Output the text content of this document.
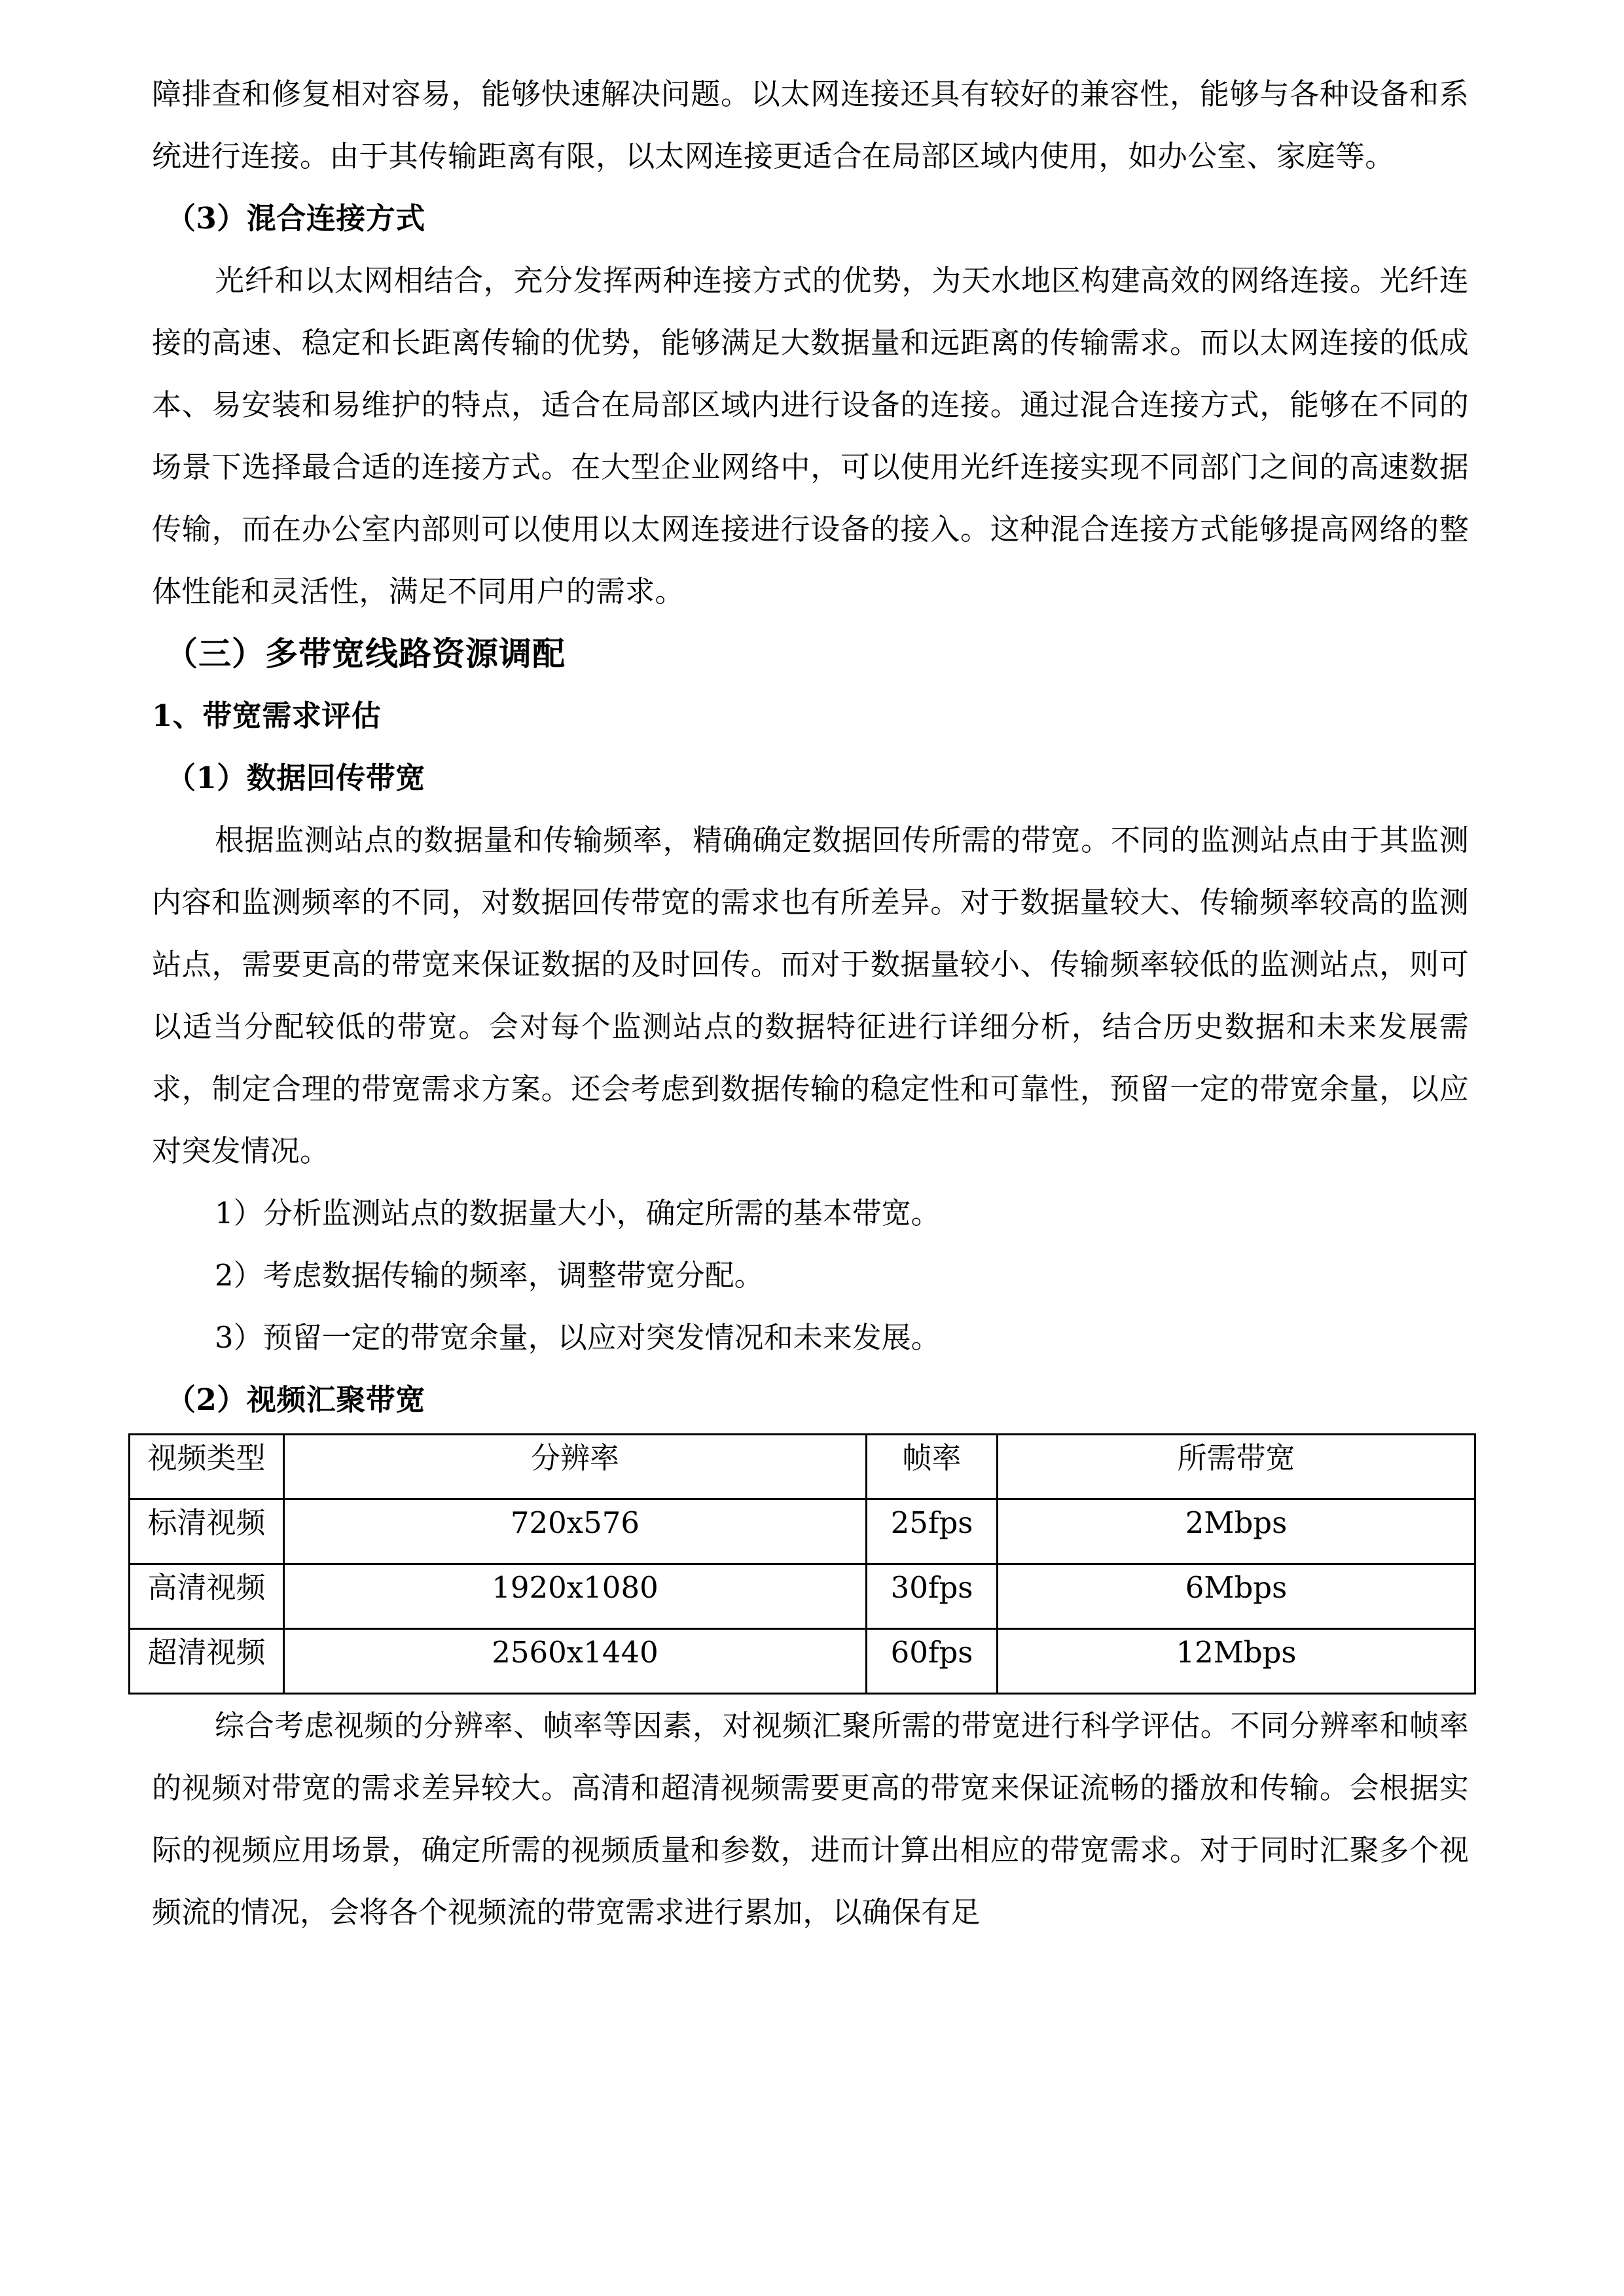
障排查和修复相对容易，能够快速解决问题。以太网连接还具有较好的兼容性，能够与各种设备和系统进行连接。由于其传输距离有限，以太网连接更适合在局部区域内使用，如办公室、家庭等。

（3）混合连接方式

光纤和以太网相结合，充分发挥两种连接方式的优势，为天水地区构建高效的网络连接。光纤连接的高速、稳定和长距离传输的优势，能够满足大数据量和远距离的传输需求。而以太网连接的低成本、易安装和易维护的特点，适合在局部区域内进行设备的连接。通过混合连接方式，能够在不同的场景下选择最合适的连接方式。在大型企业网络中，可以使用光纤连接实现不同部门之间的高速数据传输，而在办公室内部则可以使用以太网连接进行设备的接入。这种混合连接方式能够提高网络的整体性能和灵活性，满足不同用户的需求。

（三）多带宽线路资源调配

1、带宽需求评估

（1）数据回传带宽

根据监测站点的数据量和传输频率，精确确定数据回传所需的带宽。不同的监测站点由于其监测内容和监测频率的不同，对数据回传带宽的需求也有所差异。对于数据量较大、传输频率较高的监测站点，需要更高的带宽来保证数据的及时回传。而对于数据量较小、传输频率较低的监测站点，则可以适当分配较低的带宽。会对每个监测站点的数据特征进行详细分析，结合历史数据和未来发展需求，制定合理的带宽需求方案。还会考虑到数据传输的稳定性和可靠性，预留一定的带宽余量，以应对突发情况。

1）分析监测站点的数据量大小，确定所需的基本带宽。

2）考虑数据传输的频率，调整带宽分配。

3）预留一定的带宽余量，以应对突发情况和未来发展。

（2）视频汇聚带宽

视频类型	分辨率	帧率	所需带宽

标清视频	720x576	25fps	2Mbps

高清视频	1920x1080	30fps	6Mbps

超清视频	2560x1440	60fps	12Mbps

综合考虑视频的分辨率、帧率等因素，对视频汇聚所需的带宽进行科学评估。不同分辨率和帧率的视频对带宽的需求差异较大。高清和超清视频需要更高的带宽来保证流畅的播放和传输。会根据实际的视频应用场景，确定所需的视频质量和参数，进而计算出相应的带宽需求。对于同时汇聚多个视频流的情况，会将各个视频流的带宽需求进行累加，以确保有足
